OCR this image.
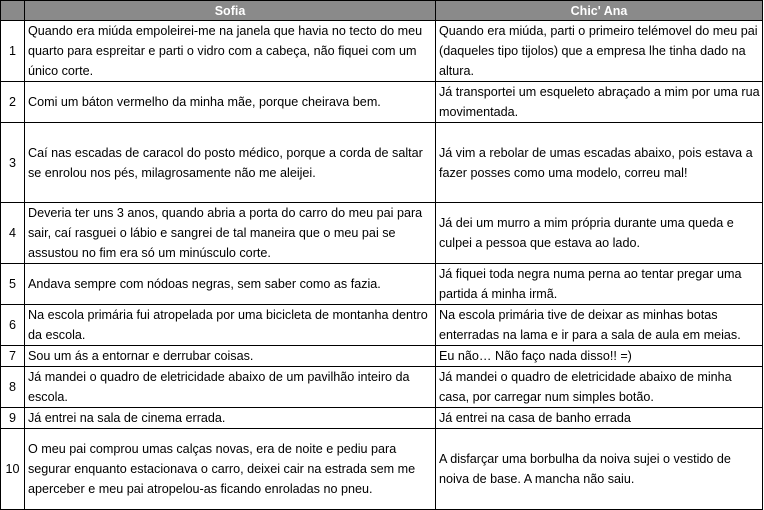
	Sofia	Chic' Ana
1	Quando era miúda empoleirei-me na janela que havia no tecto do meu quarto para espreitar e parti o vidro com a cabeça, não fiquei com um único corte.	Quando era miúda, parti o primeiro telémovel do meu pai (daqueles tipo tijolos) que a empresa lhe tinha dado na altura.
2	Comi um báton vermelho da minha mãe, porque cheirava bem.	Já transportei um esqueleto abraçado a mim por uma rua movimentada.
3	Caí nas escadas de caracol do posto médico, porque a corda de saltar se enrolou nos pés, milagrosamente não me aleijei.	Já vim a rebolar de umas escadas abaixo, pois estava a fazer posses como uma modelo, correu mal!
4	Deveria ter uns 3 anos, quando abria a porta do carro do meu pai para sair, caí rasguei o lábio e sangrei de tal maneira que o meu pai se assustou no fim era só um minúsculo corte.	Já dei um murro a mim própria durante uma queda e culpei a pessoa que estava ao lado.
5	Andava sempre com nódoas negras, sem saber como as fazia.	Já fiquei toda negra numa perna ao tentar pregar uma partida á minha irmã.
6	Na escola primária fui atropelada por uma bicicleta de montanha dentro da escola.	Na escola primária tive de deixar as minhas botas enterradas na lama e ir para a sala de aula em meias.
7	Sou um ás a entornar e derrubar coisas.	Eu não… Não faço nada disso!! =)
8	Já mandei o quadro de eletricidade abaixo de um pavilhão inteiro da escola.	Já mandei o quadro de eletricidade abaixo de minha casa, por carregar num simples botão.
9	Já entrei na sala de cinema errada.	Já entrei na casa de banho errada
10	O meu pai comprou umas calças novas, era de noite e pediu para segurar enquanto estacionava o carro, deixei cair na estrada sem me aperceber e meu pai atropelou-as ficando enroladas no pneu.	A disfarçar uma borbulha da noiva sujei o vestido de noiva de base. A mancha não saiu.
